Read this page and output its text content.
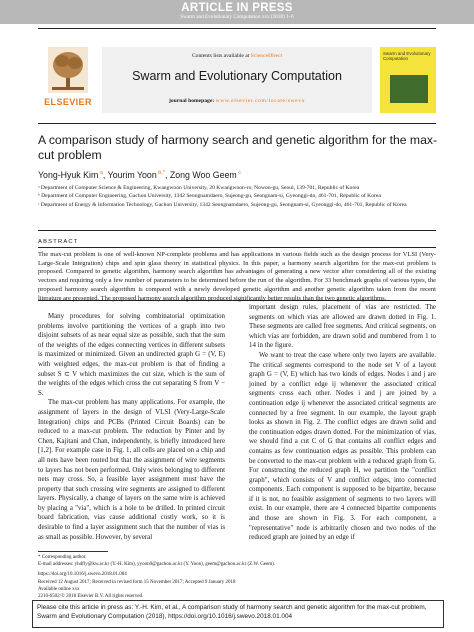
ARTICLE IN PRESS
Swarm and Evolutionary Computation xxx (2018) 1–6
ELSEVIER
Contents lists available at ScienceDirect
Swarm and Evolutionary Computation
journal homepage: www.elsevier.com/locate/swevo
Swarm and Evolutionary Computation
A comparison study of harmony search and genetic algorithm for the max-cut problem
Yong-Hyuk Kim $^a$, Yourim Yoon $^{b,*}$, Zong Woo Geem $^c$

ᵃ Department of Computer Science & Engineering, Kwangwoon University, 20 Kwangwoon-ro, Nowon-gu, Seoul, 139-701, Republic of Korea

ᵇ Department of Computer Engineering, Gachon University, 1342 Seongnamdaero, Sujeong-gu, Seongnam-si, Gyeonggi-do, 461-701, Republic of Korea

ᶜ Department of Energy & Information Technology, Gachon University, 1342 Seongnamdaero, Sujeong-gu, Seongnam-si, Gyeonggi-do, 461-701, Republic of Korea

ABSTRACT
The max-cut problem is one of well-known NP-complete problems and has applications in various fields such as the design process for VLSI (Very-Large-Scale Integration) chips and spin glass theory in statistical physics. In this paper, a harmony search algorithm for the max-cut problem is proposed. Compared to genetic algorithm, harmony search algorithm has advantages of generating a new vector after considering all of the existing vectors and requiring only a few number of parameters to be determined before the run of the algorithm. For 33 benchmark graphs of various types, the proposed harmony search algorithm is compared with a newly developed genetic algorithm and another genetic algorithm taken from the recent literature are presented. The proposed harmony search algorithm produced significantly better results than the two genetic algorithms.

Many procedures for solving combinatorial optimization problems involve partitioning the vertices of a graph into two disjoint subsets of as near equal size as possible, such that the sum of the weights of the edges connecting vertices in different subsets is maximized or minimized. Given an undirected graph G = (V, E) with weighted edges, the max-cut problem is that of finding a subset S ⊂ V which maximizes the cut size, which is the sum of the weights of the edges which cross the cut separating S from V − S.

The max-cut problem has many applications. For example, the assignment of layers in the design of VLSI (Very-Large-Scale Integration) chips and PCBs (Printed Circuit Boards) can be reduced to a max-cut problem. The reduction by Pinter and by Chen, Kajitani and Chan, independently, is briefly introduced here [1,2]. For example case in Fig. 1, all cells are placed on a chip and all nets have been routed but that the assignment of wire segments to layers has not been performed. Only wires belonging to different nets may cross. So, a feasible layer assignment must have the property that such crossing wire segments are assigned to different layers. Physically, a change of layers on the same wire is achieved by placing a "via", which is a hole to be drilled. In printed circuit board fabrication, vias cause additional costly work, so it is desirable to find a layer assignment such that the number of vias is as small as possible. However, by several

important design rules, placement of vias are restricted. The segments on which vias are allowed are drawn dotted in Fig. 1. These segments are called free segments. And critical segments, on which vias are forbidden, are drawn solid and numbered from 1 to 14 in the figure.

We want to treat the case where only two layers are available. The critical segments correspond to the node set V of a layout graph G = (V, E) which has two kinds of edges. Nodes i and j are joined by a conflict edge ij whenever the associated critical segments cross each other. Nodes i and j are joined by a continuation edge ij whenever the associated critical segments are connected by a free segment. In our example, the layout graph looks as shown in Fig. 2. The conflict edges are drawn solid and the continuation edges drawn dotted. For the minimization of vias, we should find a cut C of G that contains all conflict edges and contains as few continuation edges as possible. This problem can be converted to the max-cut problem with a reduced graph from G. For constructing the reduced graph H, we partition the "conflict graph", which consists of V and conflict edges, into connected components. Each component is supposed to be bipartite, because if it is not, no feasible assignment of segments to two layers will exist. In our example, there are 4 connected bipartite components and those are shown in Fig. 3. For each component, a "representative" node is arbitrarily chosen and two nodes of the reduced graph are joined by an edge if

* Corresponding author.

E-mail addresses: yhdfly@kw.ac.kr (Y.-H. Kim), yyoon0@gachon.ac.kr (Y. Yoon), geem@gachon.ac.kr (Z.W. Geem).

https://doi.org/10.1016/j.swevo.2018.01.004

Received 12 August 2017; Received in revised form 15 November 2017; Accepted 9 January 2018

Available online xxx

2210-6502/© 2018 Elsevier B.V. All rights reserved.

Please cite this article in press as: Y.-H. Kim, et al., A comparison study of harmony search and genetic algorithm for the max-cut problem, Swarm and Evolutionary Computation (2018), https://doi.org/10.1016/j.swevo.2018.01.004
